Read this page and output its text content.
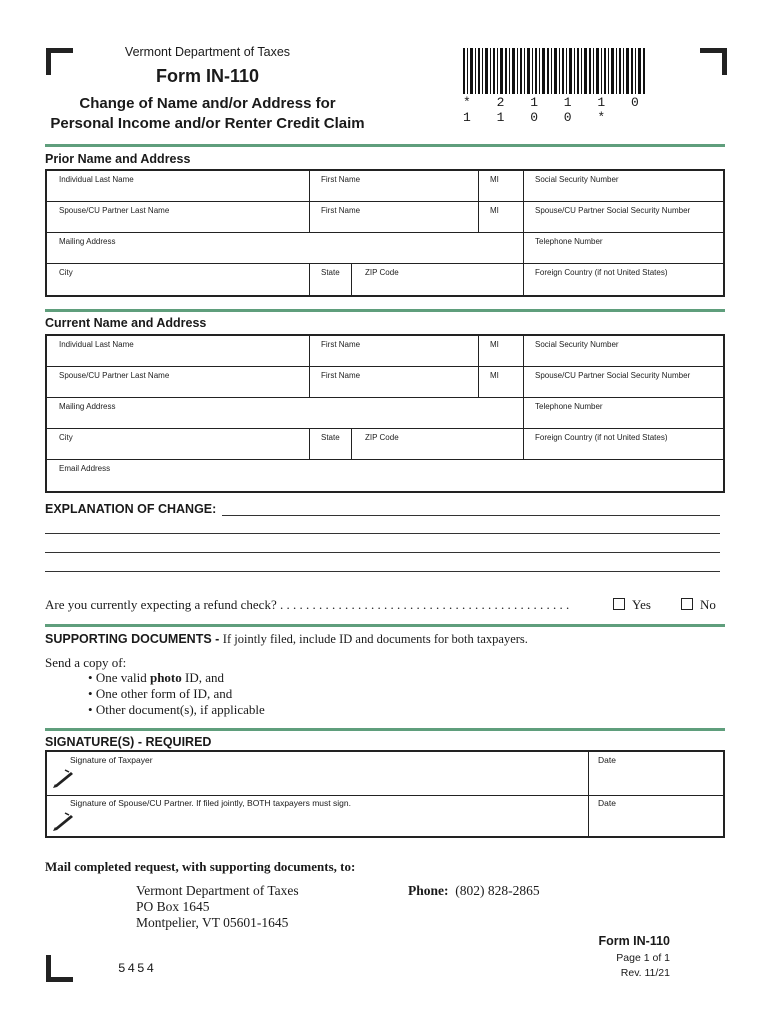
Vermont Department of Taxes
Form IN-110
Change of Name and/or Address for
Personal Income and/or Renter Credit Claim
* 2 1 1 1 0 1 1 0 0 *
Prior Name and Address
Individual Last Name	First Name	MI	Social Security Number
Spouse/CU Partner Last Name	First Name	MI	Spouse/CU Partner Social Security Number
Mailing Address	Telephone Number
City	State	ZIP Code	Foreign Country (if not United States)
Current Name and Address
Individual Last Name	First Name	MI	Social Security Number
Spouse/CU Partner Last Name	First Name	MI	Spouse/CU Partner Social Security Number
Mailing Address	Telephone Number
City	State	ZIP Code	Foreign Country (if not United States)
Email Address
EXPLANATION OF CHANGE:
Are you currently expecting a refund check? . . . . . . . . . . . . . . . . . . . . . . . . . . . . . . . . . . . . . . . . . . . . .	Yes	No
SUPPORTING DOCUMENTS - If jointly filed, include ID and documents for both taxpayers.
Send a copy of:
• One valid photo ID, and
• One other form of ID, and
• Other document(s), if applicable
SIGNATURE(S) - REQUIRED
Signature of Taxpayer	Date
Signature of Spouse/CU Partner. If filed jointly, BOTH taxpayers must sign.	Date
Mail completed request, with supporting documents, to:
Vermont Department of Taxes
PO Box 1645
Montpelier, VT 05601-1645
Phone: (802) 828-2865
Form IN-110
Page 1 of 1
Rev. 11/21
5454
